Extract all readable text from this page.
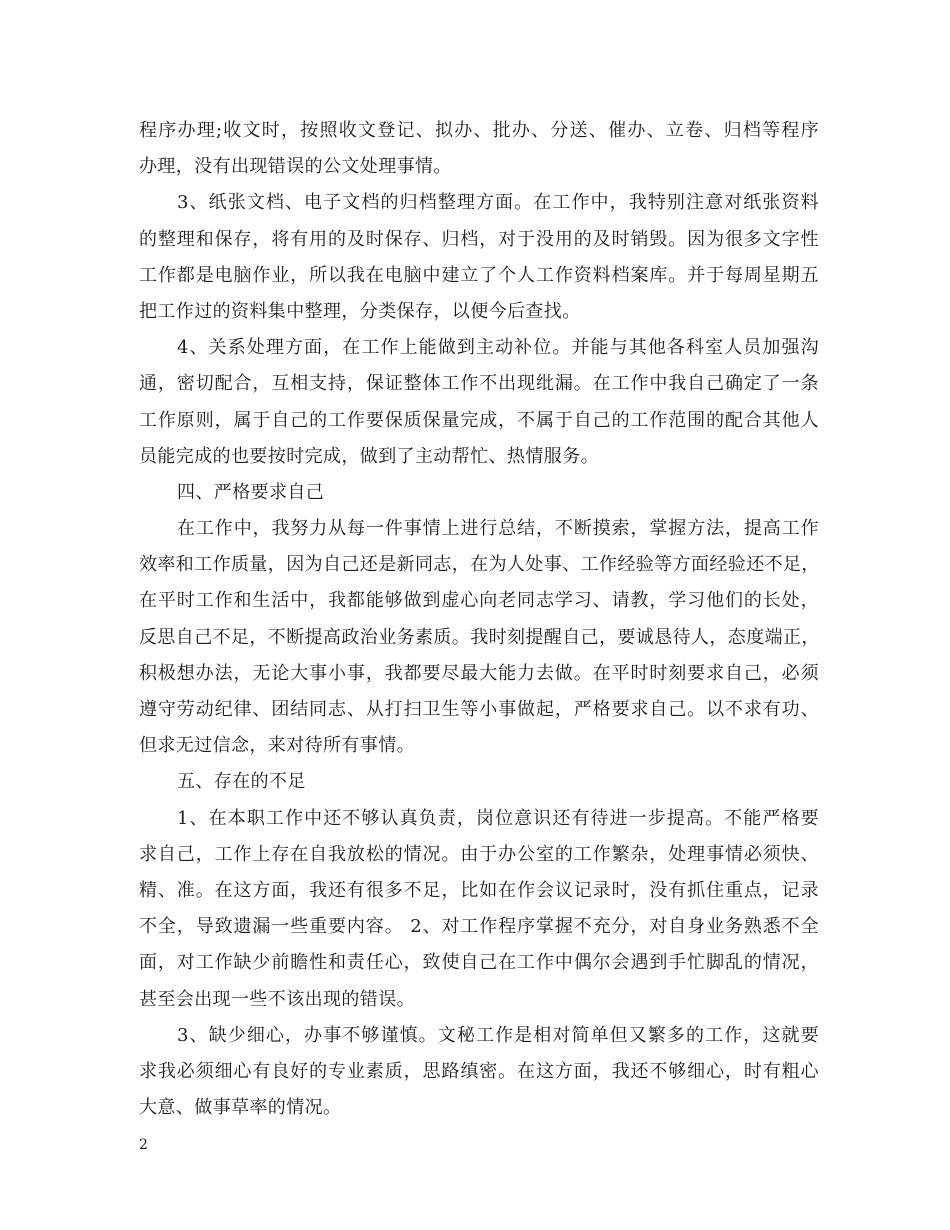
程序办理;收文时，按照收文登记、拟办、批办、分送、催办、立卷、归档等程序
办理，没有出现错误的公文处理事情。
3、纸张文档、电子文档的归档整理方面。在工作中，我特别注意对纸张资料
的整理和保存，将有用的及时保存、归档，对于没用的及时销毁。因为很多文字性
工作都是电脑作业，所以我在电脑中建立了个人工作资料档案库。并于每周星期五
把工作过的资料集中整理，分类保存，以便今后查找。
4、关系处理方面，在工作上能做到主动补位。并能与其他各科室人员加强沟
通，密切配合，互相支持，保证整体工作不出现纰漏。在工作中我自己确定了一条
工作原则，属于自己的工作要保质保量完成，不属于自己的工作范围的配合其他人
员能完成的也要按时完成，做到了主动帮忙、热情服务。
四、严格要求自己
在工作中，我努力从每一件事情上进行总结，不断摸索，掌握方法，提高工作
效率和工作质量，因为自己还是新同志，在为人处事、工作经验等方面经验还不足，
在平时工作和生活中，我都能够做到虚心向老同志学习、请教，学习他们的长处，
反思自己不足，不断提高政治业务素质。我时刻提醒自己，要诚恳待人，态度端正，
积极想办法，无论大事小事，我都要尽最大能力去做。在平时时刻要求自己，必须
遵守劳动纪律、团结同志、从打扫卫生等小事做起，严格要求自己。以不求有功、
但求无过信念，来对待所有事情。
五、存在的不足
1、在本职工作中还不够认真负责，岗位意识还有待进一步提高。不能严格要
求自己，工作上存在自我放松的情况。由于办公室的工作繁杂，处理事情必须快、
精、准。在这方面，我还有很多不足，比如在作会议记录时，没有抓住重点，记录
不全，导致遗漏一些重要内容。 2、对工作程序掌握不充分，对自身业务熟悉不全
面，对工作缺少前瞻性和责任心，致使自己在工作中偶尔会遇到手忙脚乱的情况，
甚至会出现一些不该出现的错误。
3、缺少细心，办事不够谨慎。文秘工作是相对简单但又繁多的工作，这就要
求我必须细心有良好的专业素质，思路缜密。在这方面，我还不够细心，时有粗心
大意、做事草率的情况。
2
